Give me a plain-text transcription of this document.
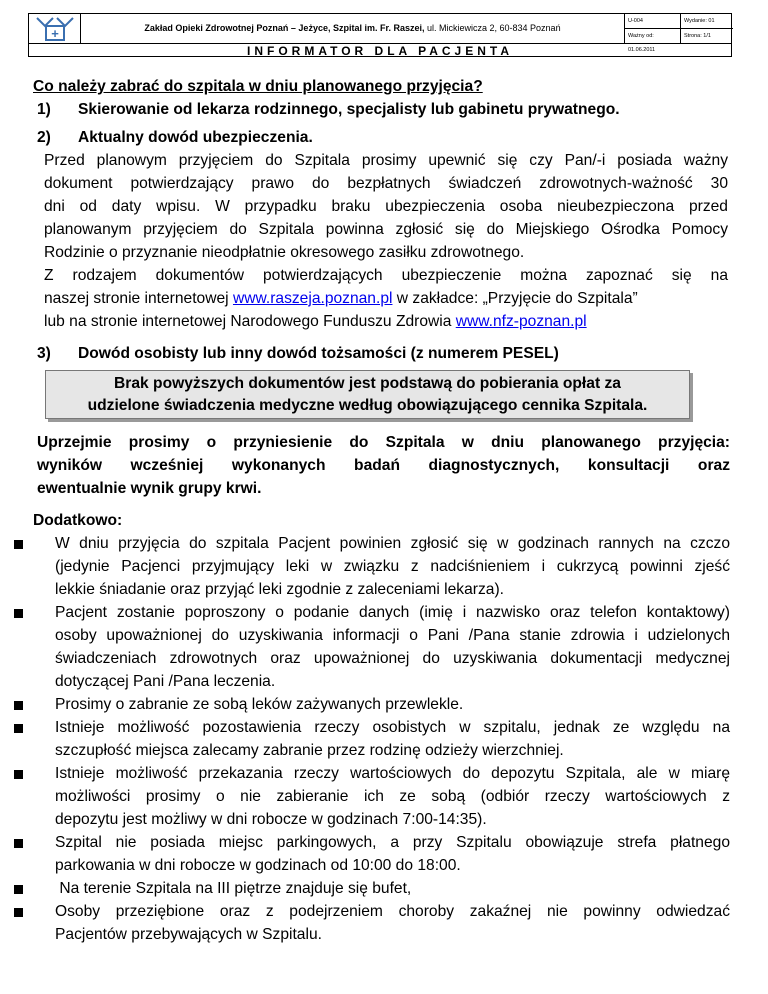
+	Zakład Opieki Zdrowotnej Poznań – Jeżyce, Szpital im. Fr. Raszei, ul. Mickiewicza 2, 60-834 Poznań
U-004
Ważny od: 01.06.2011
Wydanie: 01
Strona: 1/1
INFORMATOR DLA PACJENTA
Co należy zabrać do szpitala w dniu planowanego przyjęcia?
1) Skierowanie od lekarza rodzinnego, specjalisty lub gabinetu prywatnego.
2) Aktualny dowód ubezpieczenia.
Przed planowym przyjęciem do Szpitala prosimy upewnić się czy Pan/-i posiada ważny
dokument potwierdzający prawo do bezpłatnych świadczeń zdrowotnych-ważność 30
dni od daty wpisu. W przypadku braku ubezpieczenia osoba nieubezpieczona przed
planowanym przyjęciem do Szpitala powinna zgłosić się do Miejskiego Ośrodka Pomocy
Rodzinie o przyznanie nieodpłatnie okresowego zasiłku zdrowotnego.
Z rodzajem dokumentów potwierdzających ubezpieczenie można zapoznać się na
naszej stronie internetowej www.raszeja.poznan.pl w zakładce: „Przyjęcie do Szpitala”
lub na stronie internetowej Narodowego Funduszu Zdrowia www.nfz-poznan.pl
3) Dowód osobisty lub inny dowód tożsamości (z numerem PESEL)
Brak powyższych dokumentów jest podstawą do pobierania opłat za
udzielone świadczenia medyczne według obowiązującego cennika Szpitala.
Uprzejmie prosimy o przyniesienie do Szpitala w dniu planowanego przyjęcia:
wyników wcześniej wykonanych badań diagnostycznych, konsultacji oraz
ewentualnie wynik grupy krwi.
Dodatkowo:
W dniu przyjęcia do szpitala Pacjent powinien zgłosić się w godzinach rannych na czczo
(jedynie Pacjenci przyjmujący leki w związku z nadciśnieniem i cukrzycą powinni zjeść
lekkie śniadanie oraz przyjąć leki zgodnie z zaleceniami lekarza).
Pacjent zostanie poproszony o podanie danych (imię i nazwisko oraz telefon kontaktowy)
osoby upoważnionej do uzyskiwania informacji o Pani /Pana stanie zdrowia i udzielonych
świadczeniach zdrowotnych oraz upoważnionej do uzyskiwania dokumentacji medycznej
dotyczącej Pani /Pana leczenia.
Prosimy o zabranie ze sobą leków zażywanych przewlekle.
Istnieje możliwość pozostawienia rzeczy osobistych w szpitalu, jednak ze względu na
szczupłość miejsca zalecamy zabranie przez rodzinę odzieży wierzchniej.
Istnieje możliwość przekazania rzeczy wartościowych do depozytu Szpitala, ale w miarę
możliwości prosimy o nie zabieranie ich ze sobą (odbiór rzeczy wartościowych z
depozytu jest możliwy w dni robocze w godzinach 7:00-14:35).
Szpital nie posiada miejsc parkingowych, a przy Szpitalu obowiązuje strefa płatnego
parkowania w dni robocze w godzinach od 10:00 do 18:00.
Na terenie Szpitala na III piętrze znajduje się bufet,
Osoby przeziębione oraz z podejrzeniem choroby zakaźnej nie powinny odwiedzać
Pacjentów przebywających w Szpitalu.
